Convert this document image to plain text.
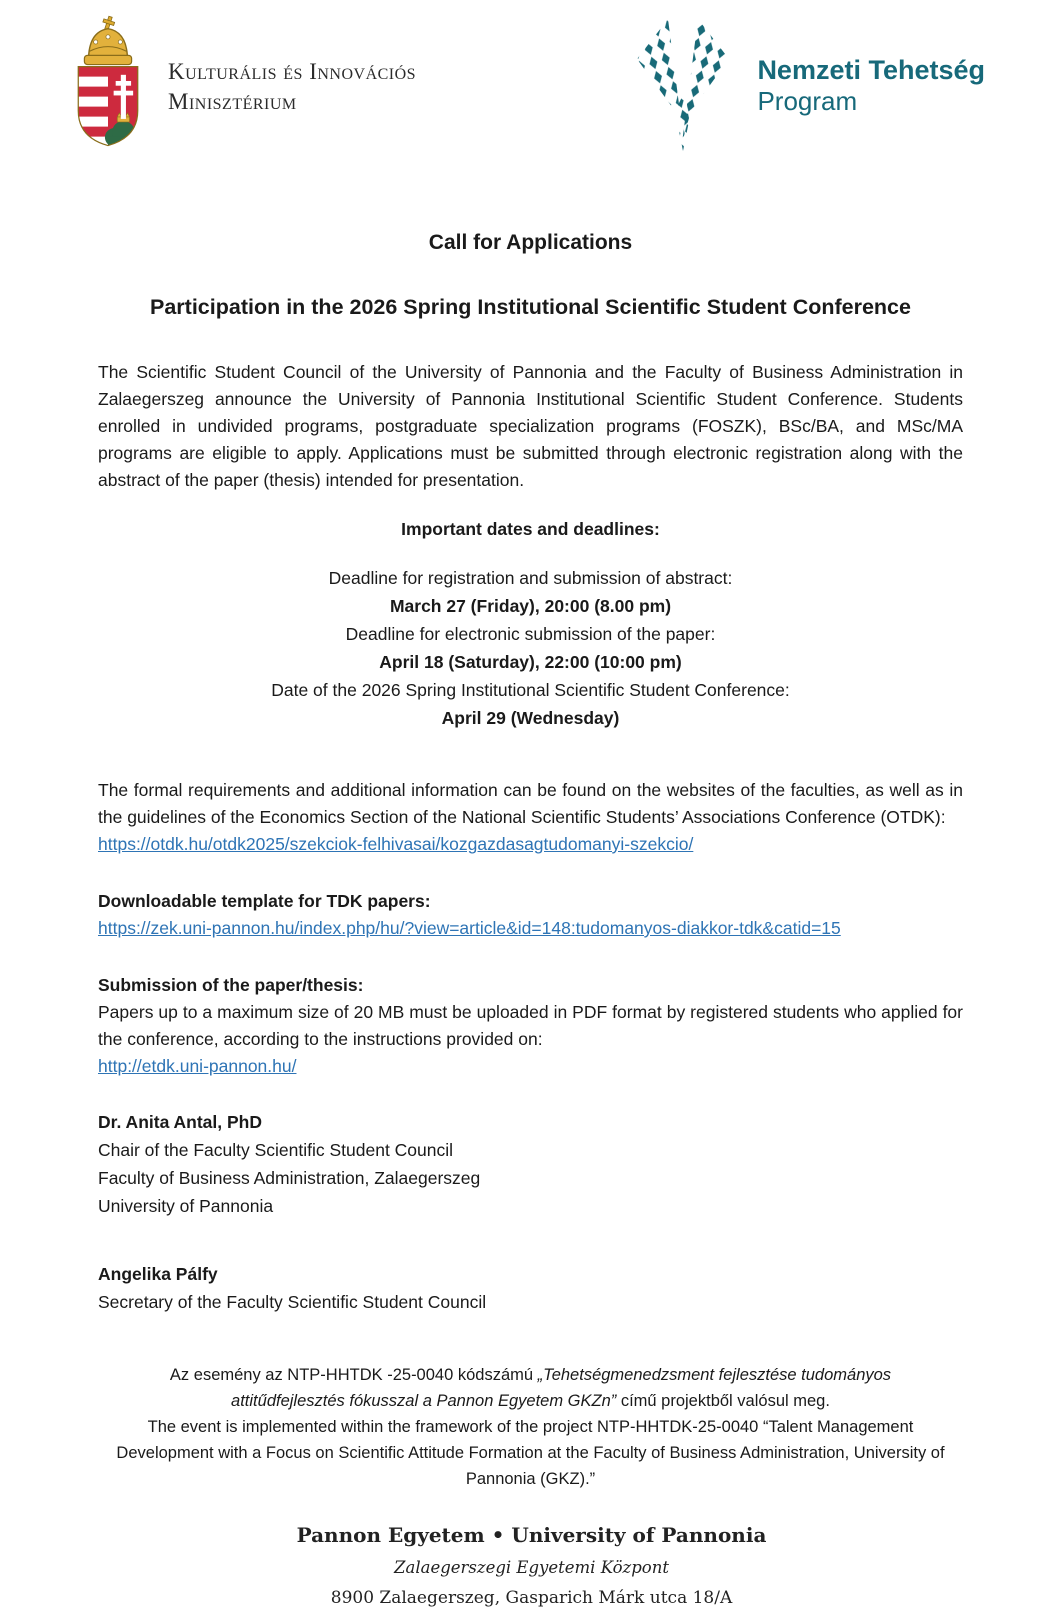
Kulturális és Innovációs
Minisztérium
Nemzeti Tehetség
Program
Call for Applications
Participation in the 2026 Spring Institutional Scientific Student Conference

The Scientific Student Council of the University of Pannonia and the Faculty of Business Administration in Zalaegerszeg announce the University of Pannonia Institutional Scientific Student Conference. Students enrolled in undivided programs, postgraduate specialization programs (FOSZK), BSc/BA, and MSc/MA programs are eligible to apply. Applications must be submitted through electronic registration along with the abstract of the paper (thesis) intended for presentation.

Important dates and deadlines:
Deadline for registration and submission of abstract:
March 27 (Friday), 20:00 (8.00 pm)
Deadline for electronic submission of the paper:
April 18 (Saturday), 22:00 (10:00 pm)
Date of the 2026 Spring Institutional Scientific Student Conference:
April 29 (Wednesday)

The formal requirements and additional information can be found on the websites of the faculties, as well as in the guidelines of the Economics Section of the National Scientific Students’ Associations Conference (OTDK):

https://otdk.hu/otdk2025/szekciok-felhivasai/kozgazdasagtudomanyi-szekcio/
Downloadable template for TDK papers:
https://zek.uni-pannon.hu/index.php/hu/?view=article&id=148:tudomanyos-diakkor-tdk&catid=15
Submission of the paper/thesis:

Papers up to a maximum size of 20 MB must be uploaded in PDF format by registered students who applied for the conference, according to the instructions provided on:

http://etdk.uni-pannon.hu/
Dr. Anita Antal, PhD
Chair of the Faculty Scientific Student Council
Faculty of Business Administration, Zalaegerszeg
University of Pannonia
Angelika Pálfy
Secretary of the Faculty Scientific Student Council
Az esemény az NTP-HHTDK -25-0040 kódszámú „Tehetségmenedzsment fejlesztése tudományos attitűdfejlesztés fókusszal a Pannon Egyetem GKZn” című projektből valósul meg.
The event is implemented within the framework of the project NTP-HHTDK-25-0040 “Talent Management Development with a Focus on Scientific Attitude Formation at the Faculty of Business Administration, University of Pannonia (GKZ).”
Pannon Egyetem • University of Pannonia
Zalaegerszegi Egyetemi Központ
8900 Zalaegerszeg, Gasparich Márk utca 18/A
